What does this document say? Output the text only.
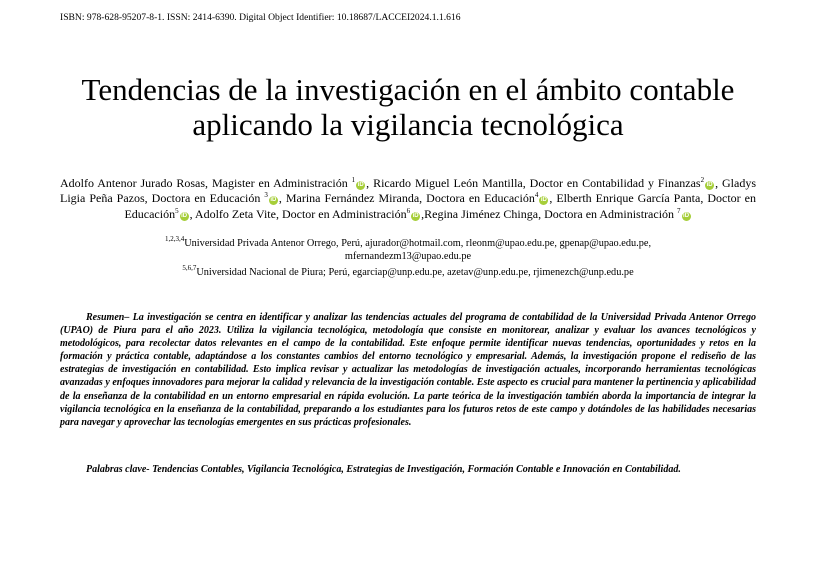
ISBN: 978-628-95207-8-1. ISSN: 2414-6390. Digital Object Identifier: 10.18687/LACCEI2024.1.1.616
Tendencias de la investigación en el ámbito contable
aplicando la vigilancia tecnológica
Adolfo Antenor Jurado Rosas, Magister en Administración $^1$iD , Ricardo Miguel León Mantilla, Doctor en Contabilidad y Finanzas$^2$iD , Gladys Ligia Peña Pazos, Doctora en Educación $^3$iD , Marina Fernández Miranda, Doctora en Educación$^4$iD , Elberth Enrique García Panta, Doctor en Educación$^5$iD , Adolfo Zeta Vite, Doctor en Administración$^6$iD ,Regina Jiménez Chinga, Doctora en Administración $^7$iD
$^{1,2,3,4}$Universidad Privada Antenor Orrego, Perú, ajurador@hotmail.com, rleonm@upao.edu.pe, gpenap@upao.edu.pe,
mfernandezm13@upao.edu.pe
$^{5,6,7}$Universidad Nacional de Piura; Perú, egarciap@unp.edu.pe, azetav@unp.edu.pe, rjimenezch@unp.edu.pe
Resumen– La investigación se centra en identificar y analizar las tendencias actuales del programa de contabilidad de la Universidad Privada Antenor Orrego (UPAO) de Piura para el año 2023. Utiliza la vigilancia tecnológica, metodología que consiste en monitorear, analizar y evaluar los avances tecnológicos y metodológicos, para recolectar datos relevantes en el campo de la contabilidad. Este enfoque permite identificar nuevas tendencias, oportunidades y retos en la formación y práctica contable, adaptándose a los constantes cambios del entorno tecnológico y empresarial. Además, la investigación propone el rediseño de las estrategias de investigación en contabilidad. Esto implica revisar y actualizar las metodologías de investigación actuales, incorporando herramientas tecnológicas avanzadas y enfoques innovadores para mejorar la calidad y relevancia de la investigación contable. Este aspecto es crucial para mantener la pertinencia y aplicabilidad de la enseñanza de la contabilidad en un entorno empresarial en rápida evolución. La parte teórica de la investigación también aborda la importancia de integrar la vigilancia tecnológica en la enseñanza de la contabilidad, preparando a los estudiantes para los futuros retos de este campo y dotándoles de las habilidades necesarias para navegar y aprovechar las tecnologías emergentes en sus prácticas profesionales.
Palabras clave- Tendencias Contables, Vigilancia Tecnológica, Estrategias de Investigación, Formación Contable e Innovación en Contabilidad.
